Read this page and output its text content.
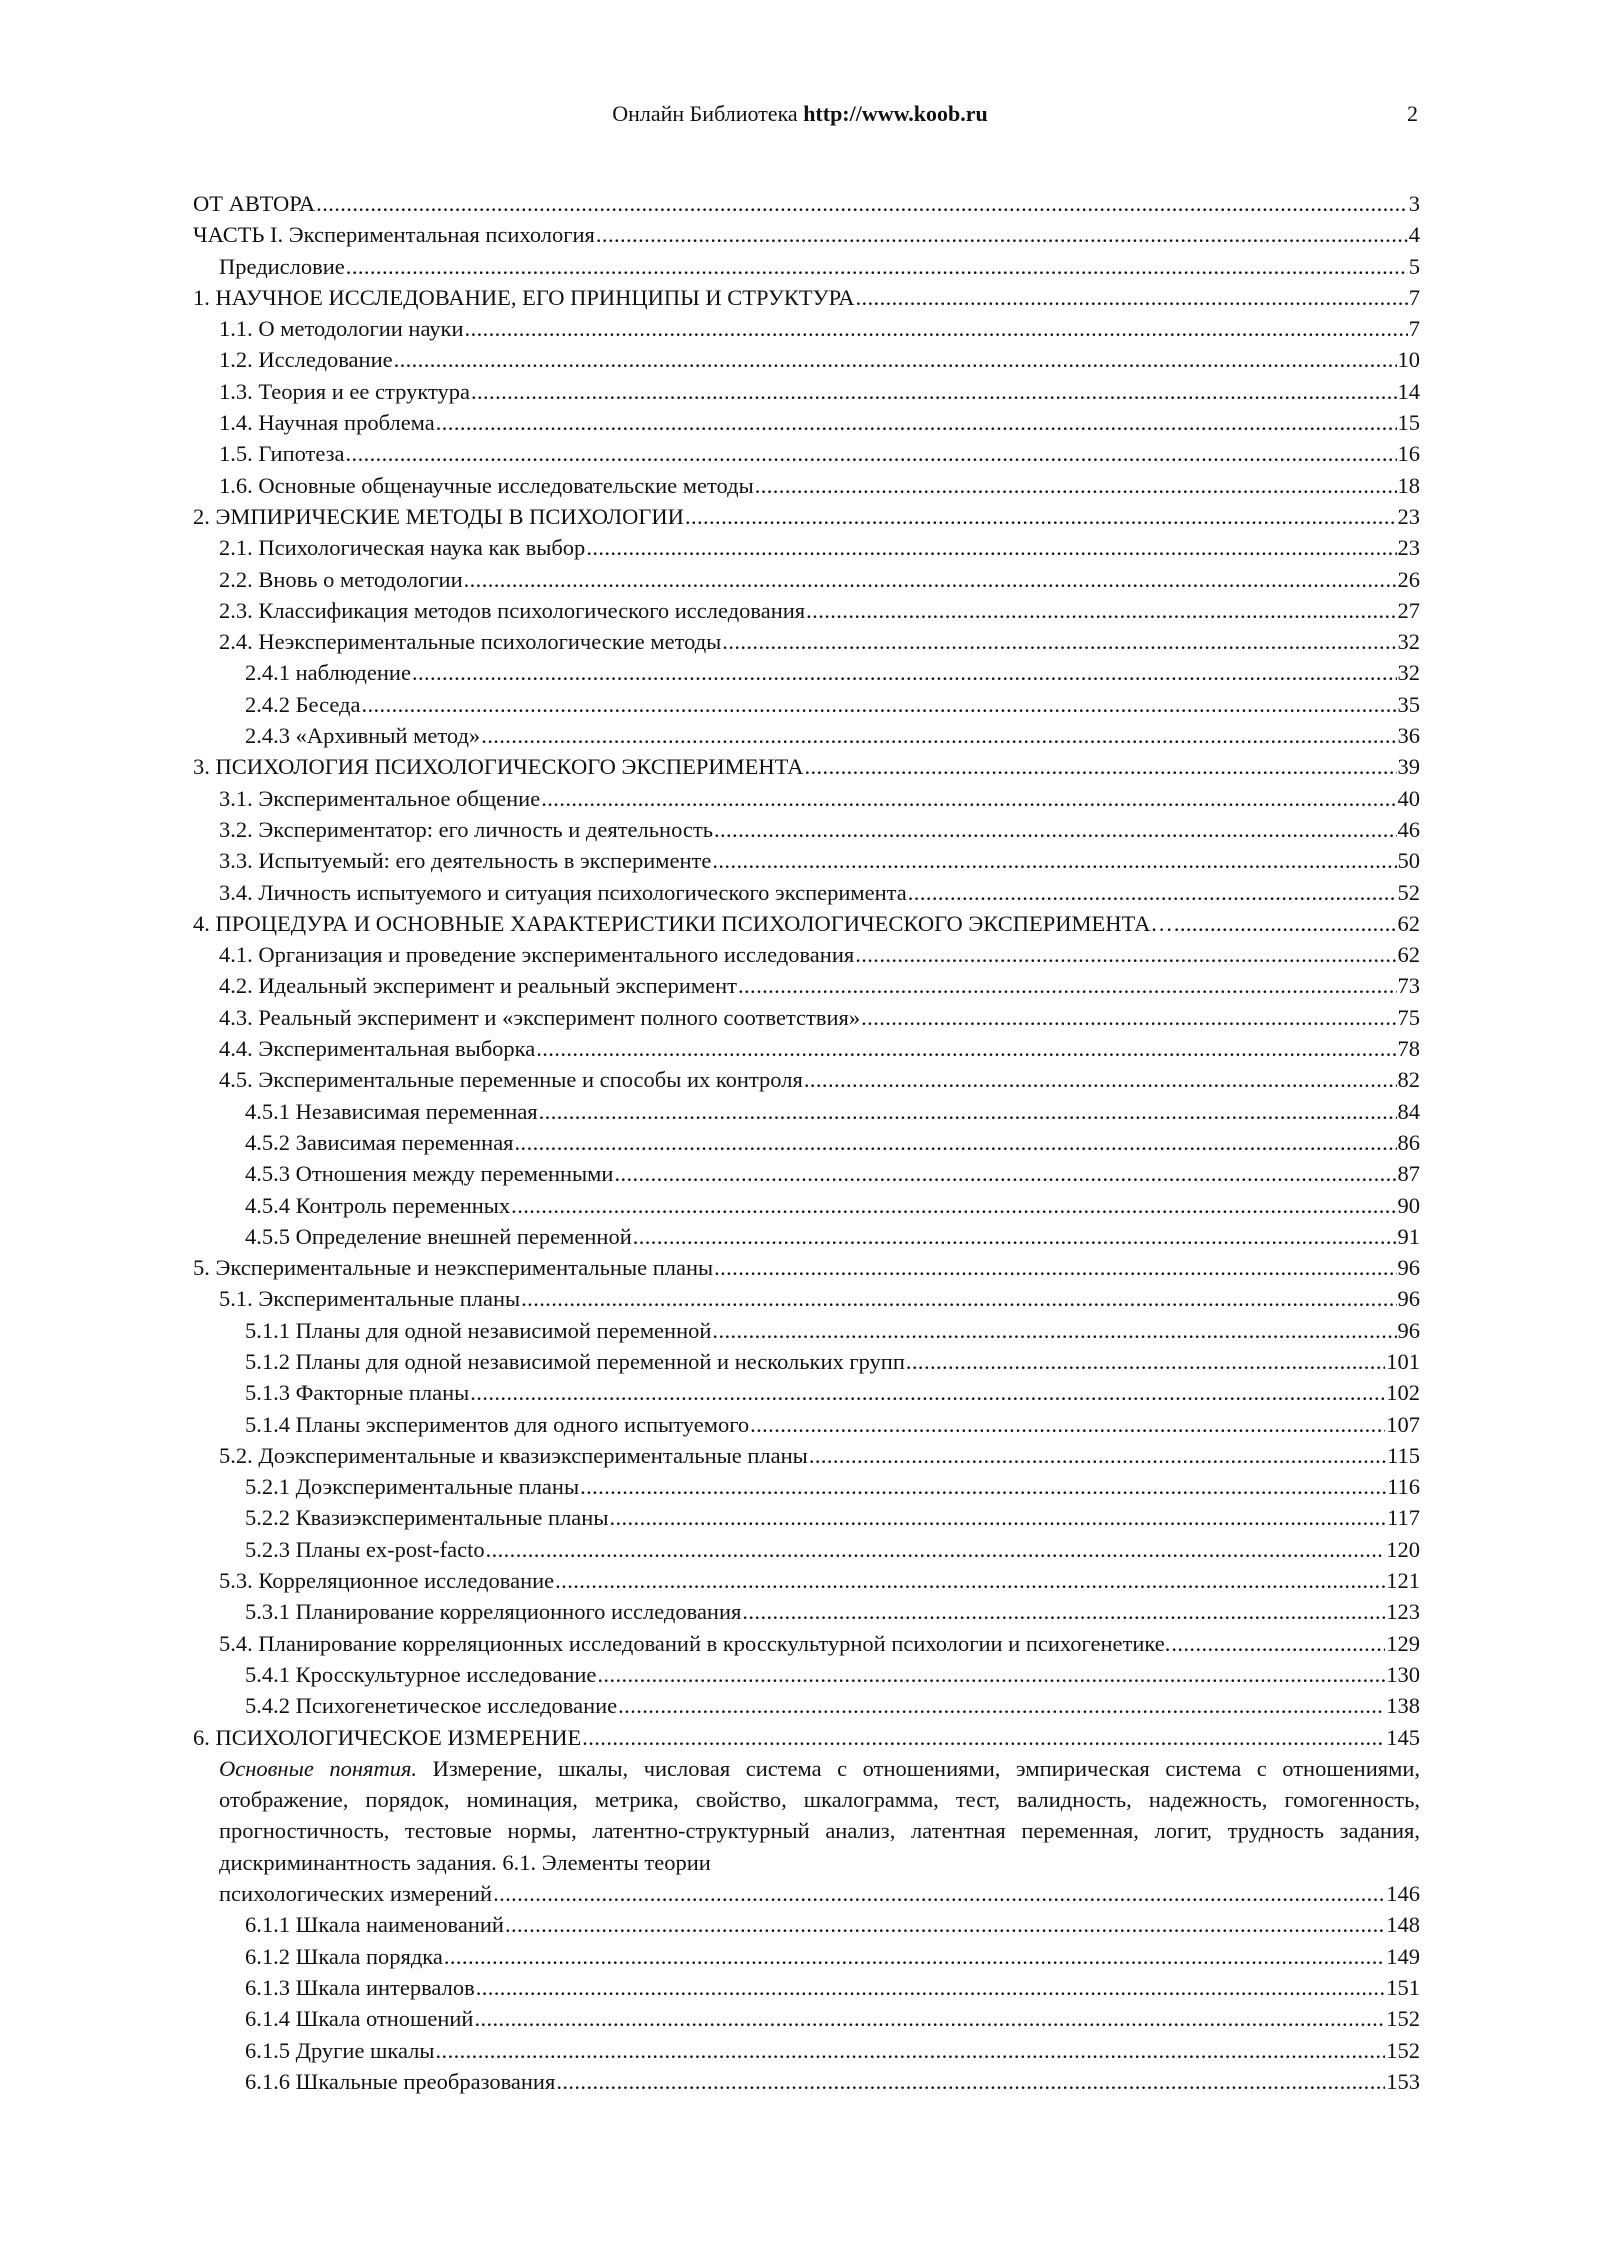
Онлайн Библиотека http://www.koob.ru	2
ОТ АВТОРА .....	3
ЧАСТЬ I. Экспериментальная психология .....	4
Предисловие .....	5
1. НАУЧНОЕ ИССЛЕДОВАНИЕ, ЕГО ПРИНЦИПЫ И СТРУКТУРА .....	7
1.1. О методологии науки .....	7
1.2. Исследование .....	10
1.3. Теория и ее структура .....	14
1.4. Научная проблема .....	15
1.5. Гипотеза .....	16
1.6. Основные общенаучные исследовательские методы .....	18
2. ЭМПИРИЧЕСКИЕ МЕТОДЫ В ПСИХОЛОГИИ .....	23
2.1. Психологическая наука как выбор .....	23
2.2. Вновь о методологии .....	26
2.3. Классификация методов психологического исследования .....	27
2.4. Неэкспериментальные психологические методы .....	32
2.4.1 наблюдение .....	32
2.4.2 Беседа .....	35
2.4.3 «Архивный метод» .....	36
3. ПСИХОЛОГИЯ ПСИХОЛОГИЧЕСКОГО ЭКСПЕРИМЕНТА .....	39
3.1. Экспериментальное общение .....	40
3.2. Экспериментатор: его личность и деятельность .....	46
3.3. Испытуемый: его деятельность в эксперименте .....	50
3.4. Личность испытуемого и ситуация психологического эксперимента .....	52
4. ПРОЦЕДУРА И ОСНОВНЫЕ ХАРАКТЕРИСТИКИ ПСИХОЛОГИЧЕСКОГО ЭКСПЕРИМЕНТА… .....	62
4.1. Организация и проведение экспериментального исследования .....	62
4.2. Идеальный эксперимент и реальный эксперимент .....	73
4.3. Реальный эксперимент и «эксперимент полного соответствия» .....	75
4.4. Экспериментальная выборка .....	78
4.5. Экспериментальные переменные и способы их контроля .....	82
4.5.1 Независимая переменная .....	84
4.5.2 Зависимая переменная .....	86
4.5.3 Отношения между переменными .....	87
4.5.4 Контроль переменных .....	90
4.5.5 Определение внешней переменной .....	91
5. Экспериментальные и неэкспериментальные планы .....	96
5.1. Экспериментальные планы .....	96
5.1.1 Планы для одной независимой переменной .....	96
5.1.2 Планы для одной независимой переменной и нескольких групп .....	101
5.1.3 Факторные планы .....	102
5.1.4 Планы экспериментов для одного испытуемого .....	107
5.2. Доэкспериментальные и квазиэкспериментальные планы .....	115
5.2.1 Доэкспериментальные планы .....	116
5.2.2 Квазиэкспериментальные планы .....	117
5.2.3 Планы ex-post-facto .....	120
5.3. Корреляционное исследование .....	121
5.3.1 Планирование корреляционного исследования .....	123
5.4. Планирование корреляционных исследований в кросскультурной психологии и психогенетике. .....	129
5.4.1 Кросскультурное исследование .....	130
5.4.2 Психогенетическое исследование .....	138
6. ПСИХОЛОГИЧЕСКОЕ ИЗМЕРЕНИЕ .....	145
Основные понятия. Измерение, шкалы, числовая система с отношениями, эмпирическая система с отношениями, отображение, порядок, номинация, метрика, свойство, шкалограмма, тест, валидность, надежность, гомогенность, прогностичность, тестовые нормы, латентно-структурный анализ, латентная переменная, логит, трудность задания, дискриминантность задания. 6.1. Элементы теории
психологических измерений .....	146
6.1.1 Шкала наименований .....	148
6.1.2 Шкала порядка .....	149
6.1.3 Шкала интервалов .....	151
6.1.4 Шкала отношений .....	152
6.1.5 Другие шкалы .....	152
6.1.6 Шкальные преобразования .....	153
